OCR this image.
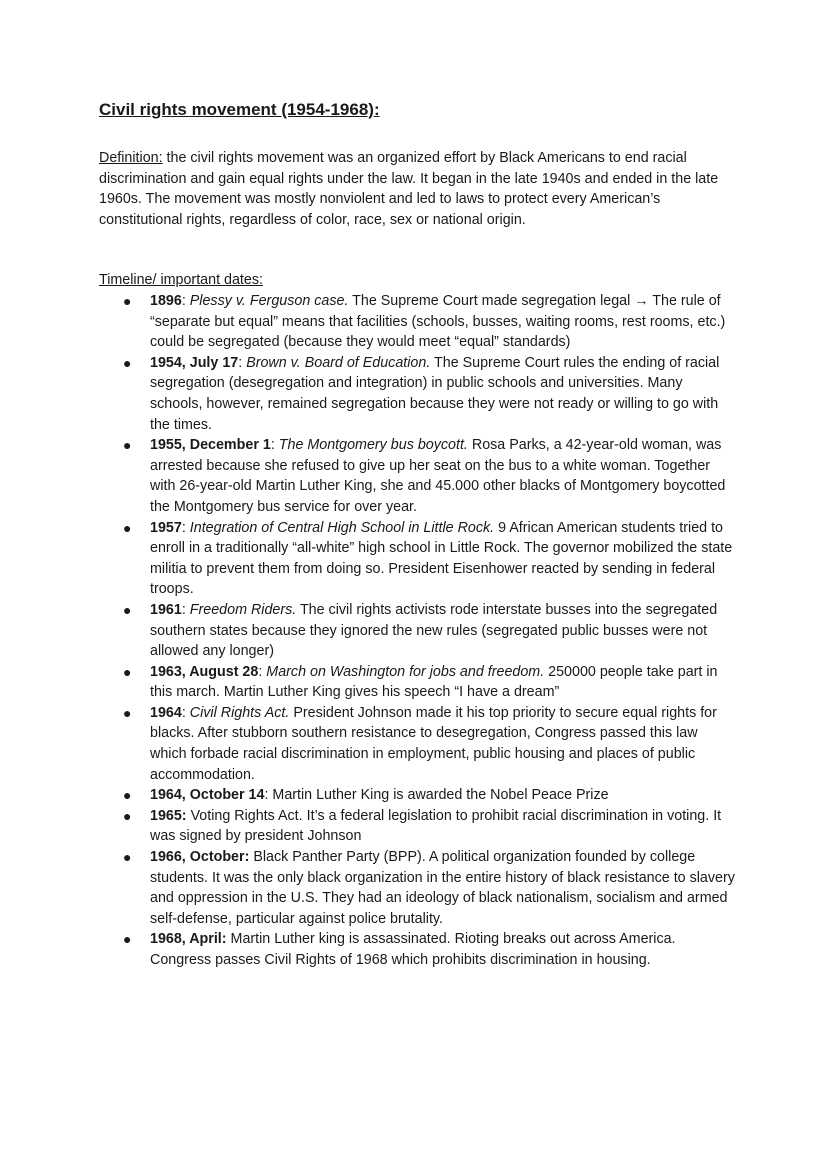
Civil rights movement (1954-1968):

Definition: the civil rights movement was an organized effort by Black Americans to end racial discrimination and gain equal rights under the law. It began in the late 1940s and ended in the late 1960s. The movement was mostly nonviolent and led to laws to protect every American’s constitutional rights, regardless of color, race, sex or national origin.

Timeline/ important dates:

● 1896: Plessy v. Ferguson case. The Supreme Court made segregation legal → The rule of “separate but equal” means that facilities (schools, busses, waiting rooms, rest rooms, etc.) could be segregated (because they would meet “equal” standards)
● 1954, July 17: Brown v. Board of Education. The Supreme Court rules the ending of racial segregation (desegregation and integration) in public schools and universities. Many schools, however, remained segregation because they were not ready or willing to go with the times.
● 1955, December 1: The Montgomery bus boycott. Rosa Parks, a 42-year-old woman, was arrested because she refused to give up her seat on the bus to a white woman. Together with 26-year-old Martin Luther King, she and 45.000 other blacks of Montgomery boycotted the Montgomery bus service for over year.
● 1957: Integration of Central High School in Little Rock. 9 African American students tried to enroll in a traditionally “all-white” high school in Little Rock. The governor mobilized the state militia to prevent them from doing so. President Eisenhower reacted by sending in federal troops.
● 1961: Freedom Riders. The civil rights activists rode interstate busses into the segregated southern states because they ignored the new rules (segregated public busses were not allowed any longer)
● 1963, August 28: March on Washington for jobs and freedom. 250000 people take part in this march. Martin Luther King gives his speech “I have a dream”
● 1964: Civil Rights Act. President Johnson made it his top priority to secure equal rights for blacks. After stubborn southern resistance to desegregation, Congress passed this law which forbade racial discrimination in employment, public housing and places of public accommodation.
● 1964, October 14: Martin Luther King is awarded the Nobel Peace Prize
● 1965: Voting Rights Act. It’s a federal legislation to prohibit racial discrimination in voting. It was signed by president Johnson
● 1966, October: Black Panther Party (BPP). A political organization founded by college students. It was the only black organization in the entire history of black resistance to slavery and oppression in the U.S. They had an ideology of black nationalism, socialism and armed self-defense, particular against police brutality.
● 1968, April: Martin Luther king is assassinated. Rioting breaks out across America. Congress passes Civil Rights of 1968 which prohibits discrimination in housing.
